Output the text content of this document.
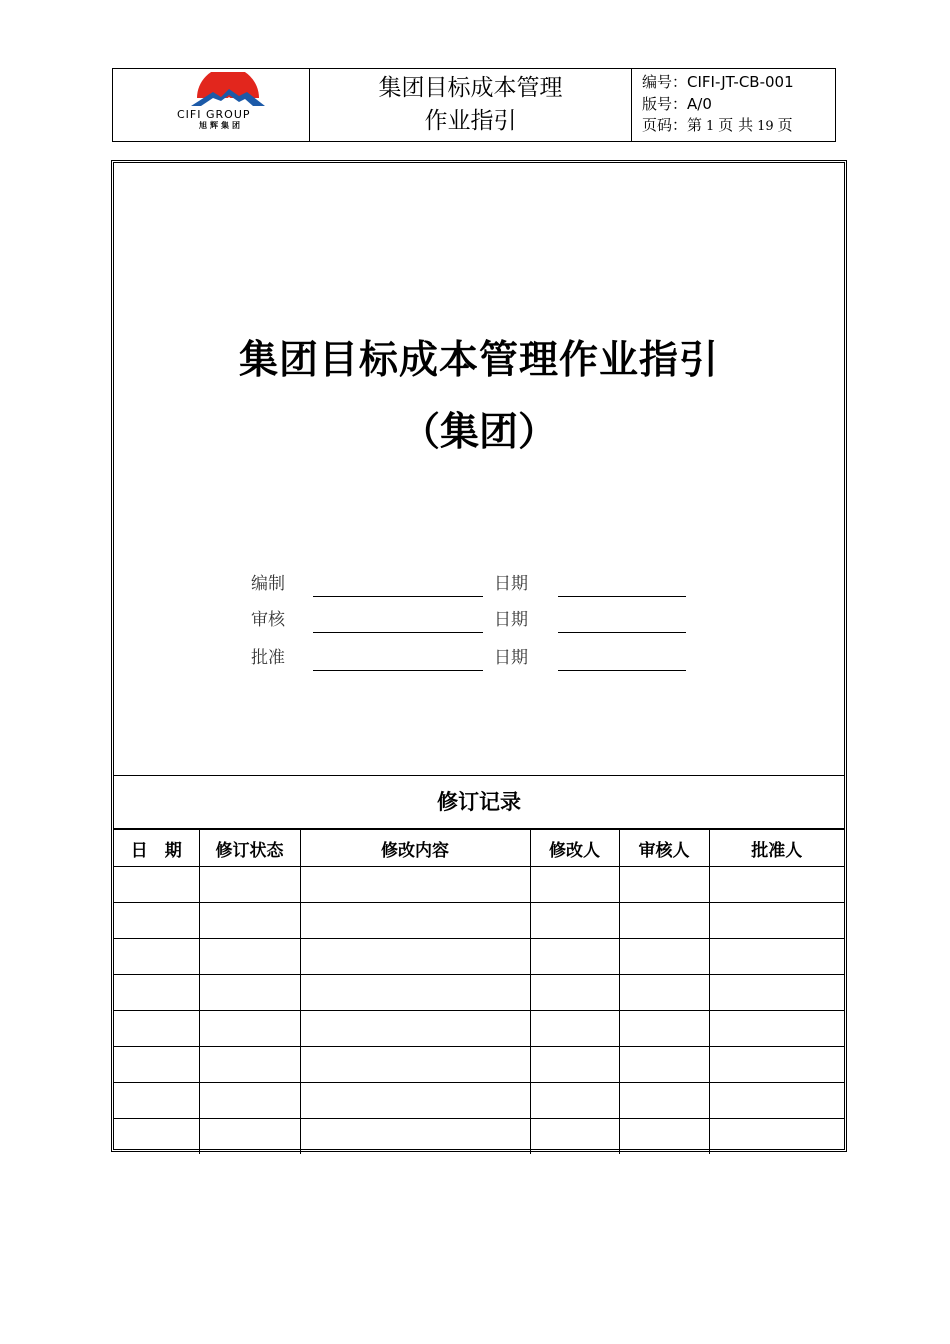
CIFI GROUP
旭辉集团
集团目标成本管理
作业指引
编号：CIFI-JT-CB-001
版号：A/0
页码：第 1 页 共 19 页
集团目标成本管理作业指引
（集团）
编制	日期
审核	日期
批准	日期
修订记录
日　期	修订状态	修改内容	修改人	审核人	批准人
